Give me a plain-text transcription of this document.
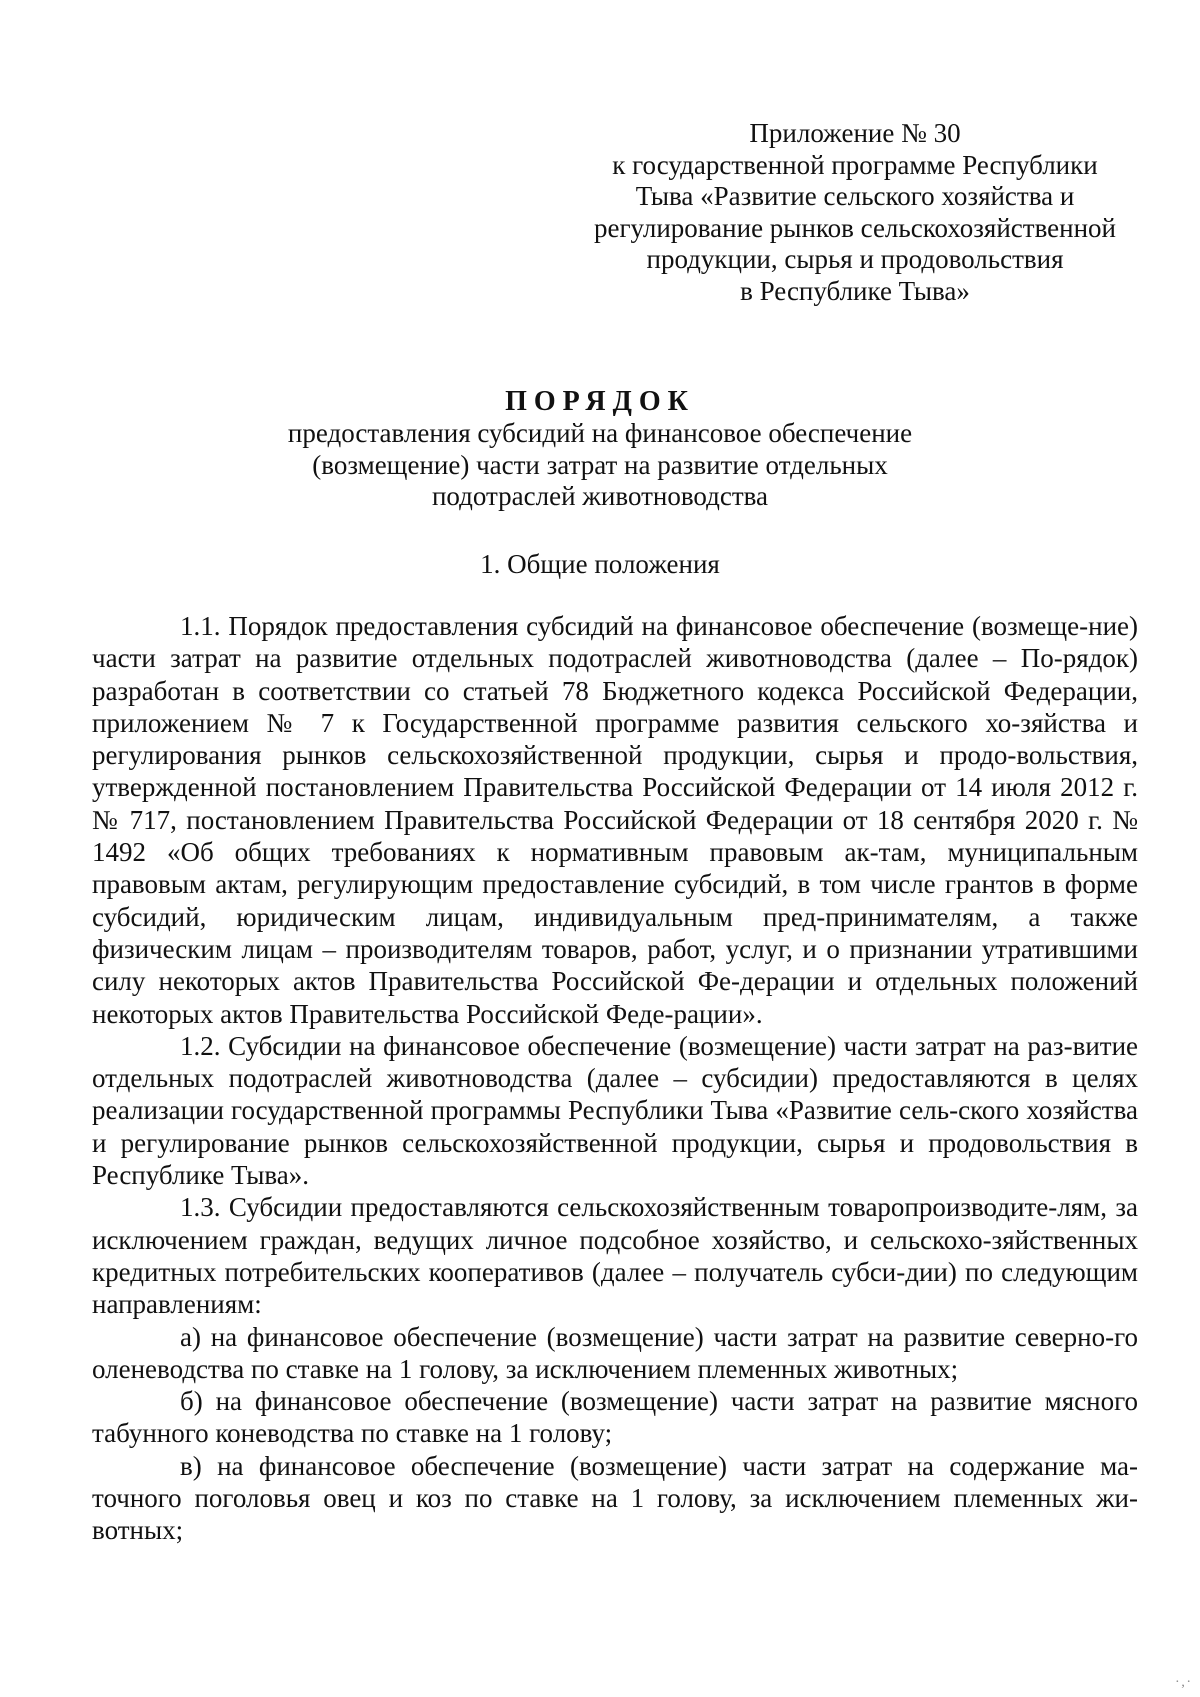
Приложение № 30
к государственной программе Республики
Тыва «Развитие сельского хозяйства и
регулирование рынков сельскохозяйственной
продукции, сырья и продовольствия
в Республике Тыва»
ПОРЯДОК
предоставления субсидий на финансовое обеспечение
(возмещение) части затрат на развитие отдельных
подотраслей животноводства
1. Общие положения

1.1. Порядок предоставления субсидий на финансовое обеспечение (возмеще-ние) части затрат на развитие отдельных подотраслей животноводства (далее – По-рядок) разработан в соответствии со статьей 78 Бюджетного кодекса Российской Федерации, приложением № 7 к Государственной программе развития сельского хо-зяйства и регулирования рынков сельскохозяйственной продукции, сырья и продо-вольствия, утвержденной постановлением Правительства Российской Федерации от 14 июля 2012 г. № 717, постановлением Правительства Российской Федерации от 18 сентября 2020 г. № 1492 «Об общих требованиях к нормативным правовым ак-там, муниципальным правовым актам, регулирующим предоставление субсидий, в том числе грантов в форме субсидий, юридическим лицам, индивидуальным пред-принимателям, а также физическим лицам – производителям товаров, работ, услуг, и о признании утратившими силу некоторых актов Правительства Российской Фе-дерации и отдельных положений некоторых актов Правительства Российской Феде-рации».

1.2. Субсидии на финансовое обеспечение (возмещение) части затрат на раз-витие отдельных подотраслей животноводства (далее – субсидии) предоставляются в целях реализации государственной программы Республики Тыва «Развитие сель-ского хозяйства и регулирование рынков сельскохозяйственной продукции, сырья и продовольствия в Республике Тыва».

1.3. Субсидии предоставляются сельскохозяйственным товаропроизводите-лям, за исключением граждан, ведущих личное подсобное хозяйство, и сельскохо-зяйственных кредитных потребительских кооперативов (далее – получатель субси-дии) по следующим направлениям:

а) на финансовое обеспечение (возмещение) части затрат на развитие северно-го оленеводства по ставке на 1 голову, за исключением племенных животных;

б) на финансовое обеспечение (возмещение) части затрат на развитие мясного табунного коневодства по ставке на 1 голову;

в) на финансовое обеспечение (возмещение) части затрат на содержание ма-точного поголовья овец и коз по ставке на 1 голову, за исключением племенных жи-вотных;

·‚·
